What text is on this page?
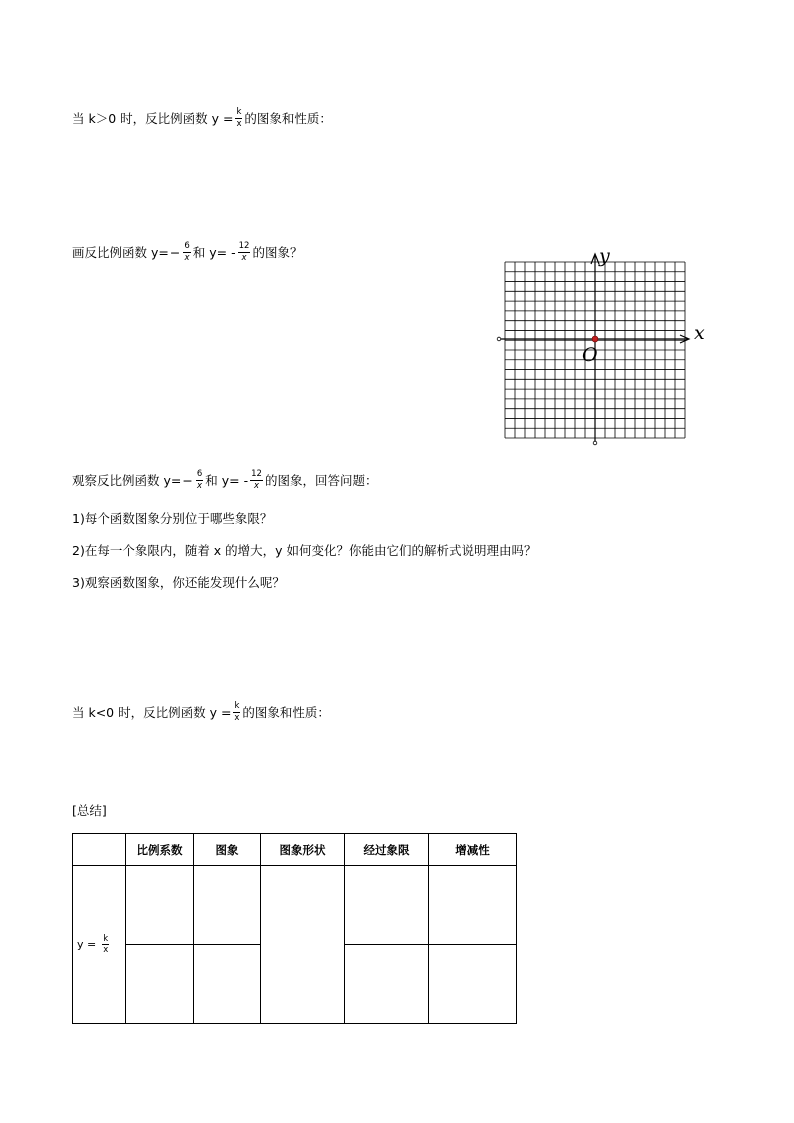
当 k ＞ 0 时，反比例函数 $y = \frac{k}{x}$ 的图象和性质：
画反比例函数 $y= - \frac{6}{x}$ 和 $y= - \frac{12}{x}$ 的图象？	y
x
O
观察反比例函数 $y= - \frac{6}{x}$ 和 $y= - \frac{12}{x}$ 的图象，回答问题：
1)每个函数图象分别位于哪些象限？
2)在每一个象限内，随着 x 的增大，y 如何变化？你能由它们的解析式说明理由吗？
3)观察函数图象，你还能发现什么呢？
当 k<0 时，反比例函数 $y = \frac{k}{x}$ 的图象和性质：
[总结]
	比例系数	图象	图象形状	经过象限	增减性

$y = \frac{k}{x}$
